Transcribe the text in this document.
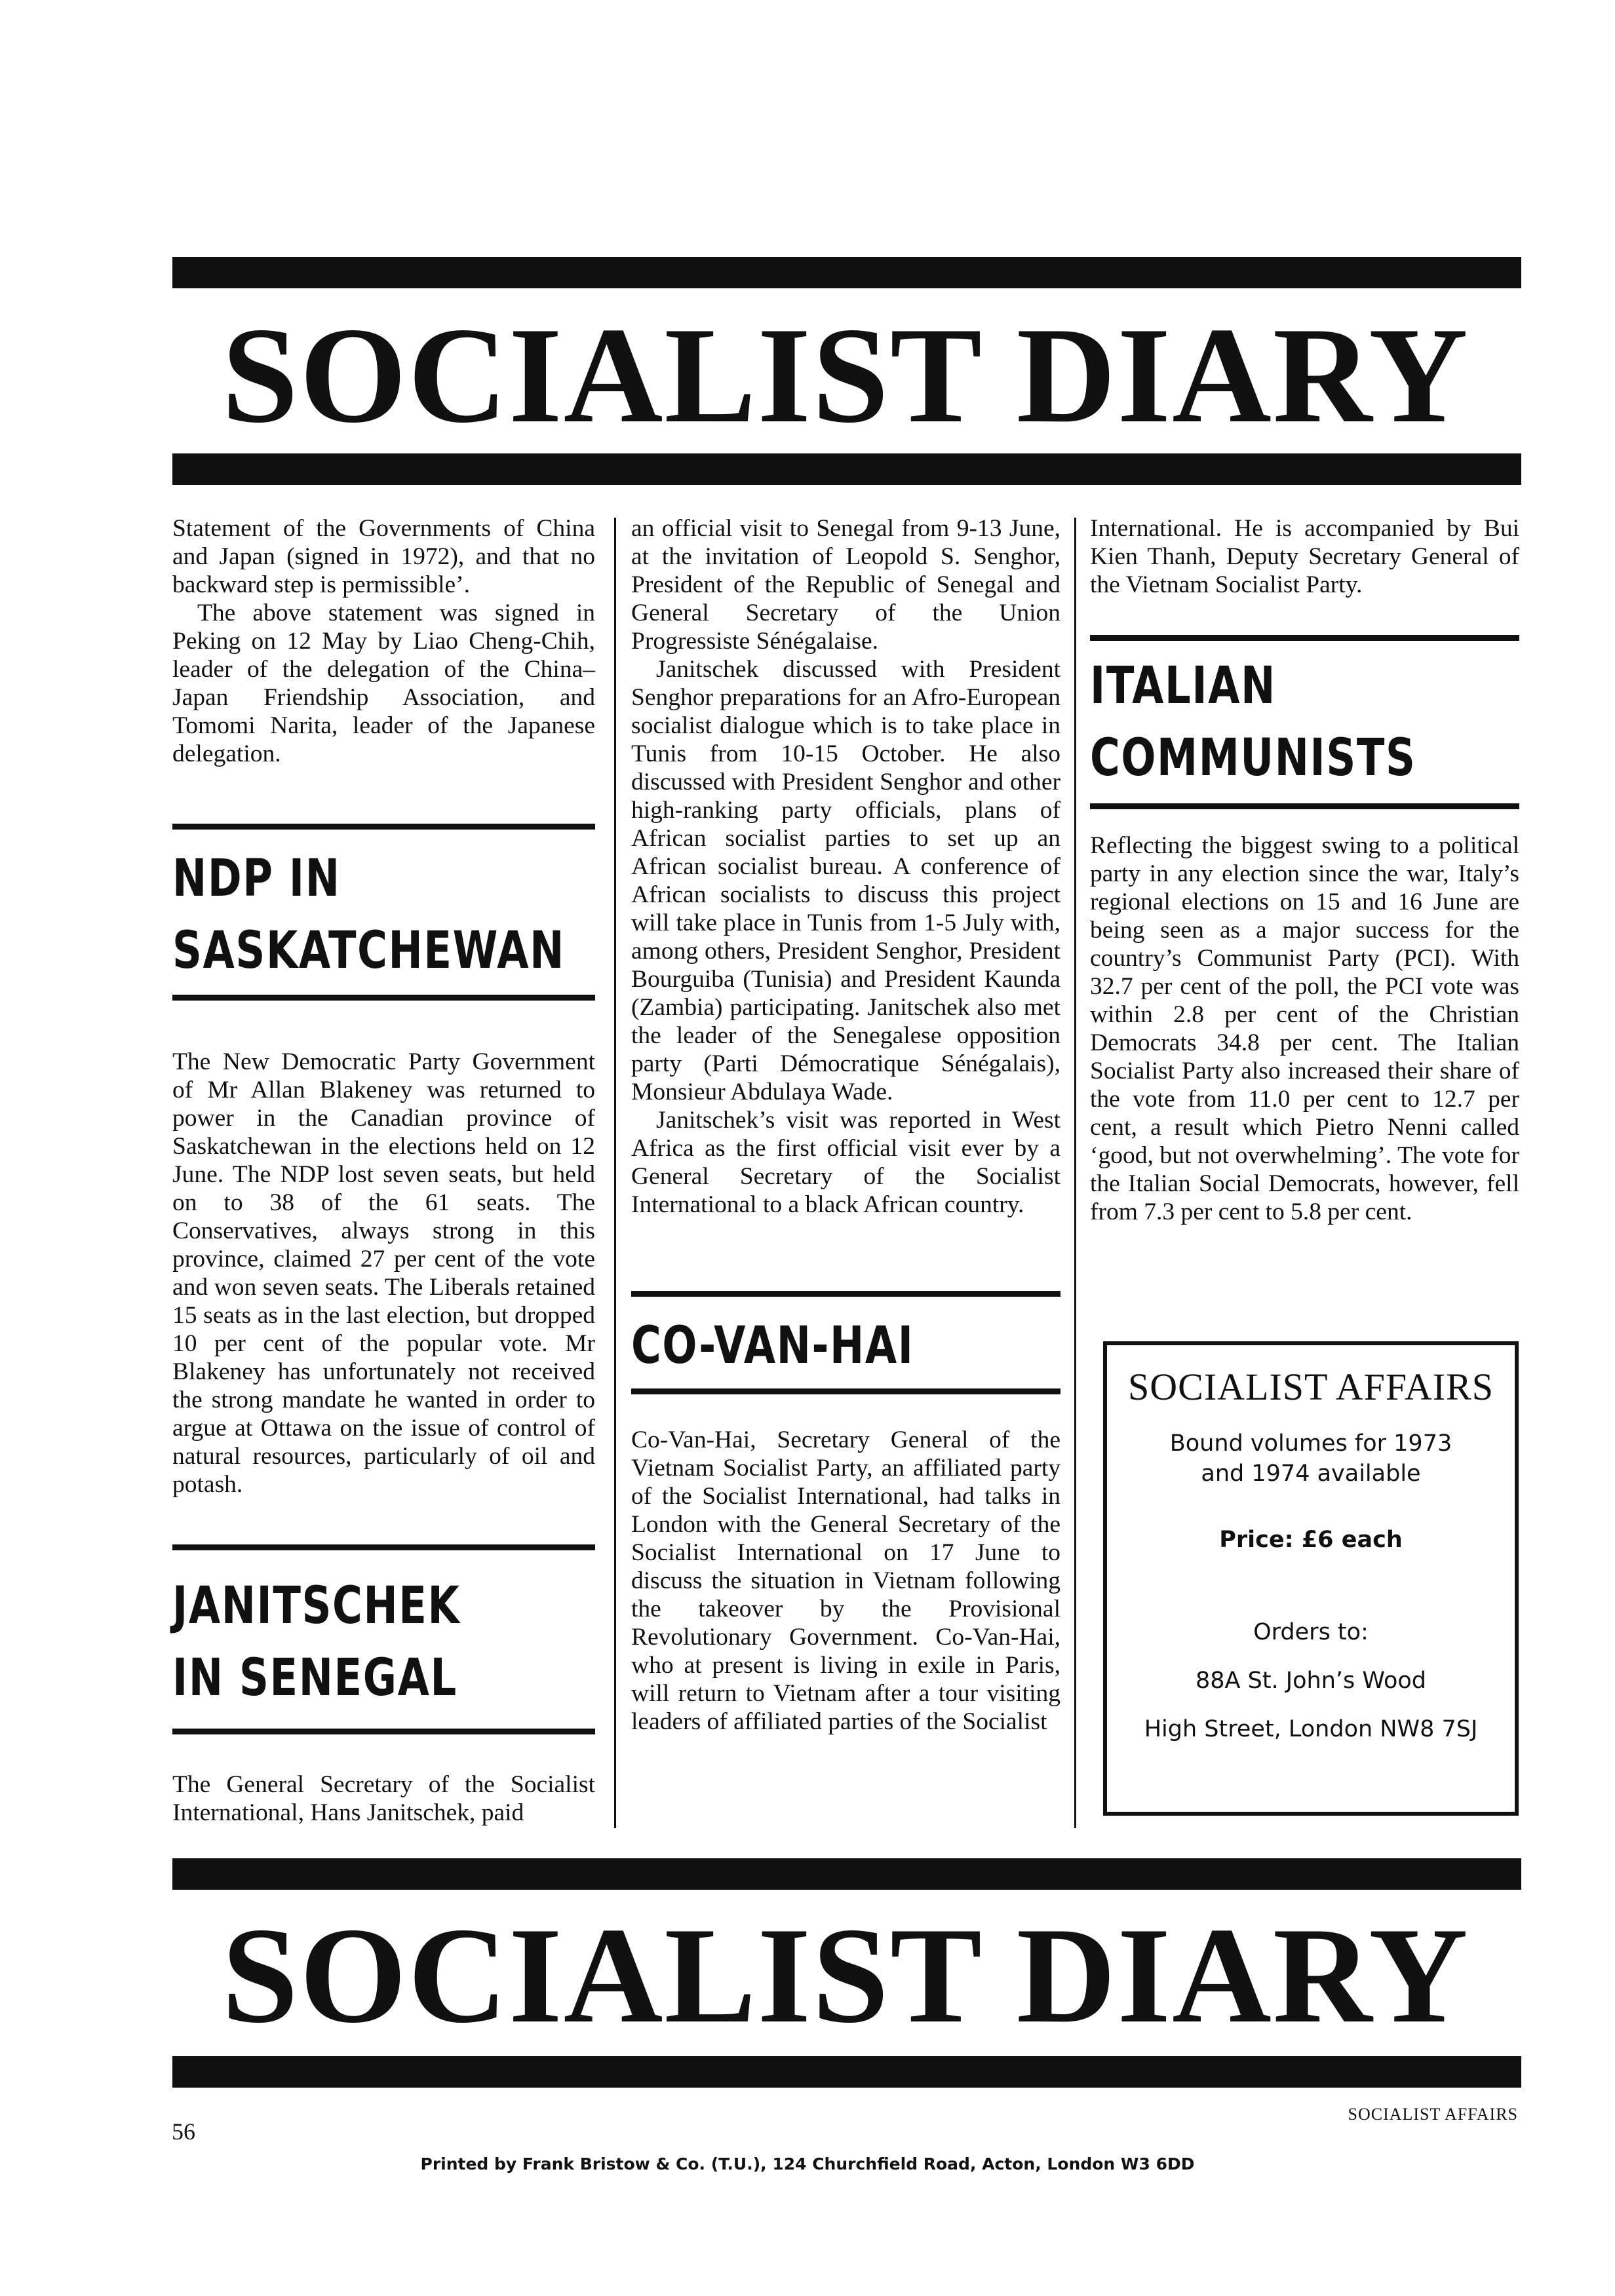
SOCIALIST DIARY

Statement of the Governments of China and Japan (signed in 1972), and that no backward step is permissible’.

The above statement was signed in Peking on 12 May by Liao Cheng-Chih, leader of the delegation of the China–Japan Friendship Association, and Tomomi Narita, leader of the Japanese delegation.

NDP IN
SASKATCHEWAN

The New Democratic Party Government of Mr Allan Blakeney was returned to power in the Canadian province of Saskatchewan in the elections held on 12 June. The NDP lost seven seats, but held on to 38 of the 61 seats. The Conservatives, always strong in this province, claimed 27 per cent of the vote and won seven seats. The Liberals retained 15 seats as in the last election, but dropped 10 per cent of the popular vote. Mr Blakeney has unfortunately not received the strong mandate he wanted in order to argue at Ottawa on the issue of control of natural resources, particularly of oil and potash.

JANITSCHEK
IN SENEGAL

The General Secretary of the Socialist International, Hans Janitschek, paid

an official visit to Senegal from 9-13 June, at the invitation of Leopold S. Senghor, President of the Republic of Senegal and General Secretary of the Union Progressiste Sénégalaise.

Janitschek discussed with President Senghor preparations for an Afro-European socialist dialogue which is to take place in Tunis from 10-15 October. He also discussed with President Senghor and other high-ranking party officials, plans of African socialist parties to set up an African socialist bureau. A conference of African socialists to discuss this project will take place in Tunis from 1-5 July with, among others, President Senghor, President Bourguiba (Tunisia) and President Kaunda (Zambia) participating. Janitschek also met the leader of the Senegalese opposition party (Parti Démocratique Sénégalais), Monsieur Abdulaya Wade.

Janitschek’s visit was reported in West Africa as the first official visit ever by a General Secretary of the Socialist International to a black African country.

CO-VAN-HAI

Co-Van-Hai, Secretary General of the Vietnam Socialist Party, an affiliated party of the Socialist International, had talks in London with the General Secretary of the Socialist International on 17 June to discuss the situation in Vietnam following the takeover by the Provisional Revolutionary Government. Co-Van-Hai, who at present is living in exile in Paris, will return to Vietnam after a tour visiting leaders of affiliated parties of the Socialist

International. He is accompanied by Bui Kien Thanh, Deputy Secretary General of the Vietnam Socialist Party.

ITALIAN
COMMUNISTS

Reflecting the biggest swing to a political party in any election since the war, Italy’s regional elections on 15 and 16 June are being seen as a major success for the country’s Communist Party (PCI). With 32.7 per cent of the poll, the PCI vote was within 2.8 per cent of the Christian Democrats 34.8 per cent. The Italian Socialist Party also increased their share of the vote from 11.0 per cent to 12.7 per cent, a result which Pietro Nenni called ‘good, but not overwhelming’. The vote for the Italian Social Democrats, however, fell from 7.3 per cent to 5.8 per cent.

SOCIALIST AFFAIRS
Bound volumes for 1973
and 1974 available
Price: £6 each
Orders to:
88A St. John’s Wood
High Street, London NW8 7SJ
SOCIALIST DIARY
56
SOCIALIST AFFAIRS
Printed by Frank Bristow & Co. (T.U.), 124 Churchfield Road, Acton, London W3 6DD
